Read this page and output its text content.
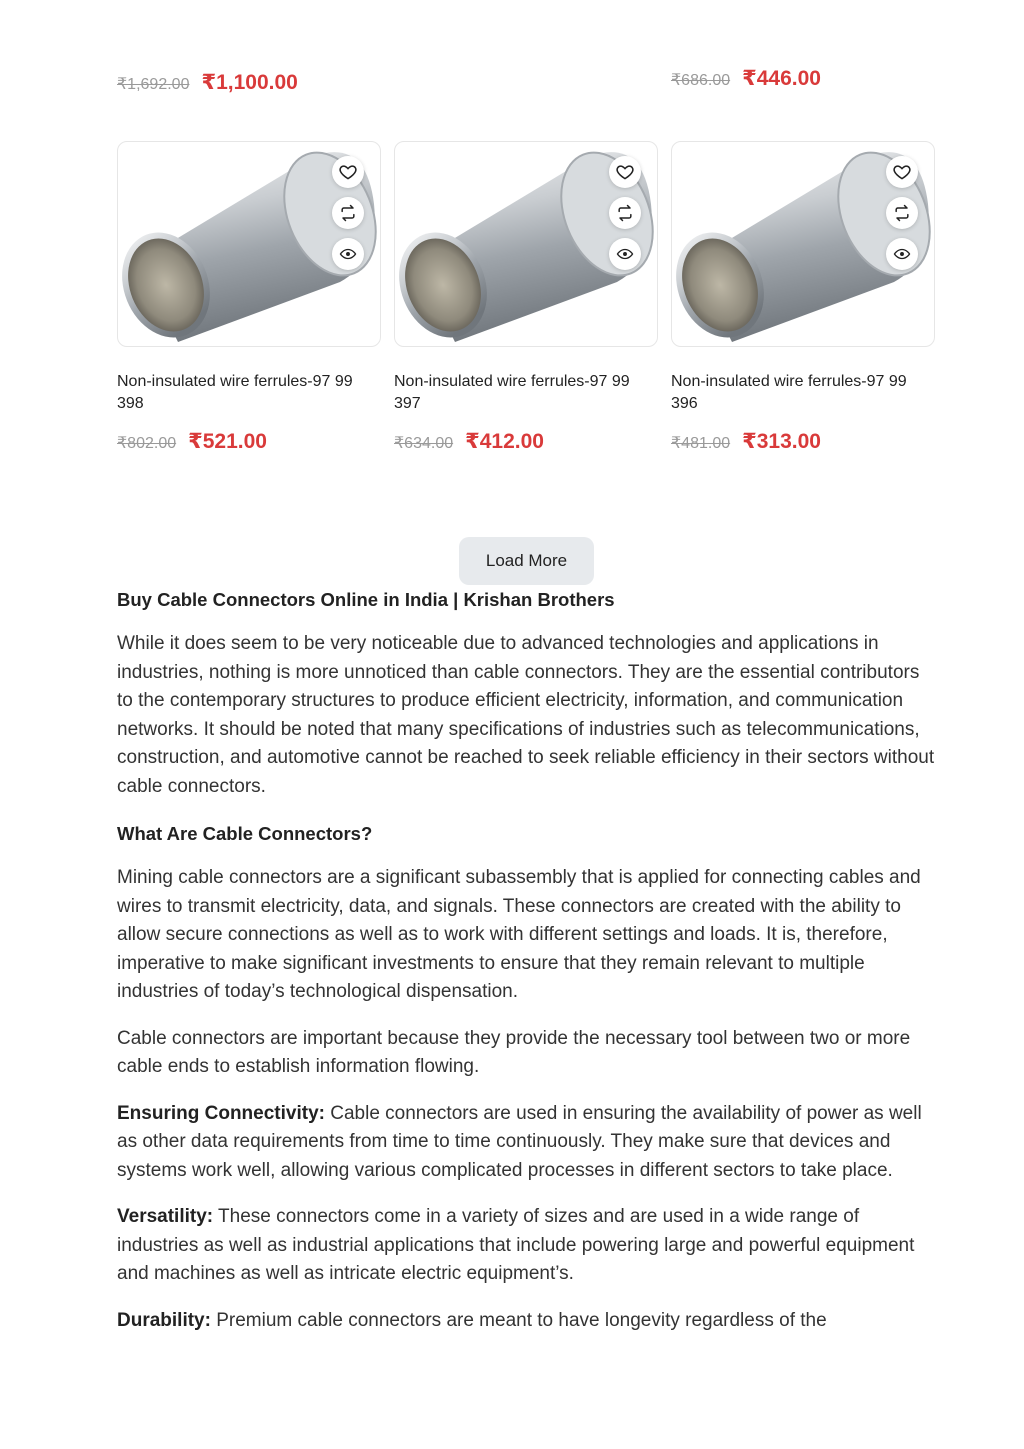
₹1,692.00 ₹1,100.00	₹686.00 ₹446.00
Non-insulated wire ferrules-97 99 398
₹802.00 ₹521.00
Non-insulated wire ferrules-97 99 397
₹634.00 ₹412.00
Non-insulated wire ferrules-97 99 396
₹481.00 ₹313.00
Load More
Buy Cable Connectors Online in India | Krishan Brothers

While it does seem to be very noticeable due to advanced technologies and applications in industries, nothing is more unnoticed than cable connectors. They are the essential contributors to the contemporary structures to produce efficient electricity, information, and communication networks. It should be noted that many specifications of industries such as telecommunications, construction, and automotive cannot be reached to seek reliable efficiency in their sectors without cable connectors.

What Are Cable Connectors?

Mining cable connectors are a significant subassembly that is applied for connecting cables and wires to transmit electricity, data, and signals. These connectors are created with the ability to allow secure connections as well as to work with different settings and loads. It is, therefore, imperative to make significant investments to ensure that they remain relevant to multiple industries of today’s technological dispensation.

Cable connectors are important because they provide the necessary tool between two or more cable ends to establish information flowing.

Ensuring Connectivity: Cable connectors are used in ensuring the availability of power as well as other data requirements from time to time continuously. They make sure that devices and systems work well, allowing various complicated processes in different sectors to take place.

Versatility: These connectors come in a variety of sizes and are used in a wide range of industries as well as industrial applications that include powering large and powerful equipment and machines as well as intricate electric equipment’s.

Durability: Premium cable connectors are meant to have longevity regardless of the
